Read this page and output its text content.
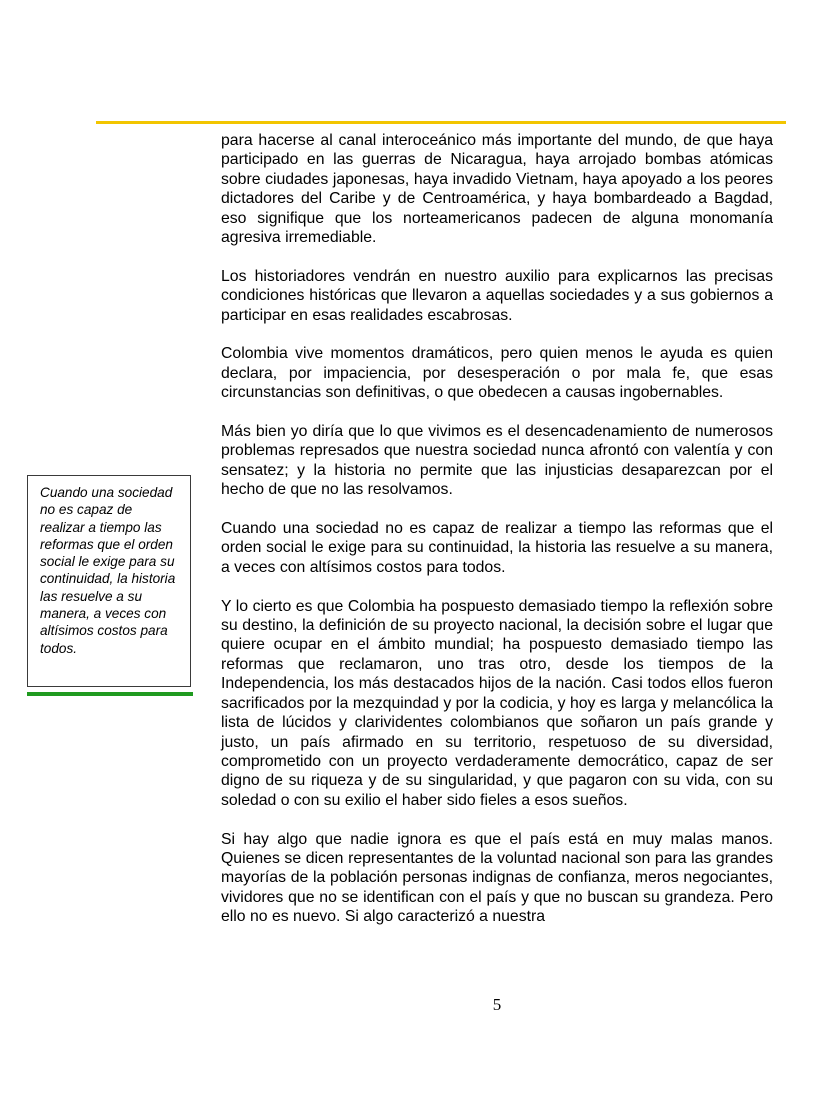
para hacerse al canal interoceánico más importante del mundo, de que haya participado en las guerras de Nicaragua, haya arrojado bombas atómicas sobre ciudades japonesas, haya invadido Vietnam, haya apoyado a los peores dictadores del Caribe y de Centroamérica, y haya bombardeado a Bagdad, eso signifique que los norteamericanos padecen de alguna monomanía agresiva irremediable.

Los historiadores vendrán en nuestro auxilio para explicarnos las precisas condiciones históricas que llevaron a aquellas sociedades y a sus gobiernos a participar en esas realidades escabrosas.

Colombia vive momentos dramáticos, pero quien menos le ayuda es quien declara, por impaciencia, por desesperación o por mala fe, que esas circunstancias son definitivas, o que obedecen a causas ingobernables.

Más bien yo diría que lo que vivimos es el desencadenamiento de numerosos problemas represados que nuestra sociedad nunca afrontó con valentía y con sensatez; y la historia no permite que las injusticias desaparezcan por el hecho de que no las resolvamos.

Cuando una sociedad no es capaz de realizar a tiempo las reformas que el orden social le exige para su continuidad, la historia las resuelve a su manera, a veces con altísimos costos para todos.

Y lo cierto es que Colombia ha pospuesto demasiado tiempo la reflexión sobre su destino, la definición de su proyecto nacional, la decisión sobre el lugar que quiere ocupar en el ámbito mundial; ha pospuesto demasiado tiempo las reformas que reclamaron, uno tras otro, desde los tiempos de la Independencia, los más destacados hijos de la nación. Casi todos ellos fueron sacrificados por la mezquindad y por la codicia, y hoy es larga y melancólica la lista de lúcidos y clarividentes colombianos que soñaron un país grande y justo, un país afirmado en su territorio, respetuoso de su diversidad, comprometido con un proyecto verdaderamente democrático, capaz de ser digno de su riqueza y de su singularidad, y que pagaron con su vida, con su soledad o con su exilio el haber sido fieles a esos sueños.

Si hay algo que nadie ignora es que el país está en muy malas manos. Quienes se dicen representantes de la voluntad nacional son para las grandes mayorías de la población personas indignas de confianza, meros negociantes, vividores que no se identifican con el país y que no buscan su grandeza. Pero ello no es nuevo. Si algo caracterizó a nuestra

Cuando una sociedad no es capaz de realizar a tiempo las reformas que el orden social le exige para su continuidad, la historia las resuelve a su manera, a veces con altísimos costos para todos.
5
